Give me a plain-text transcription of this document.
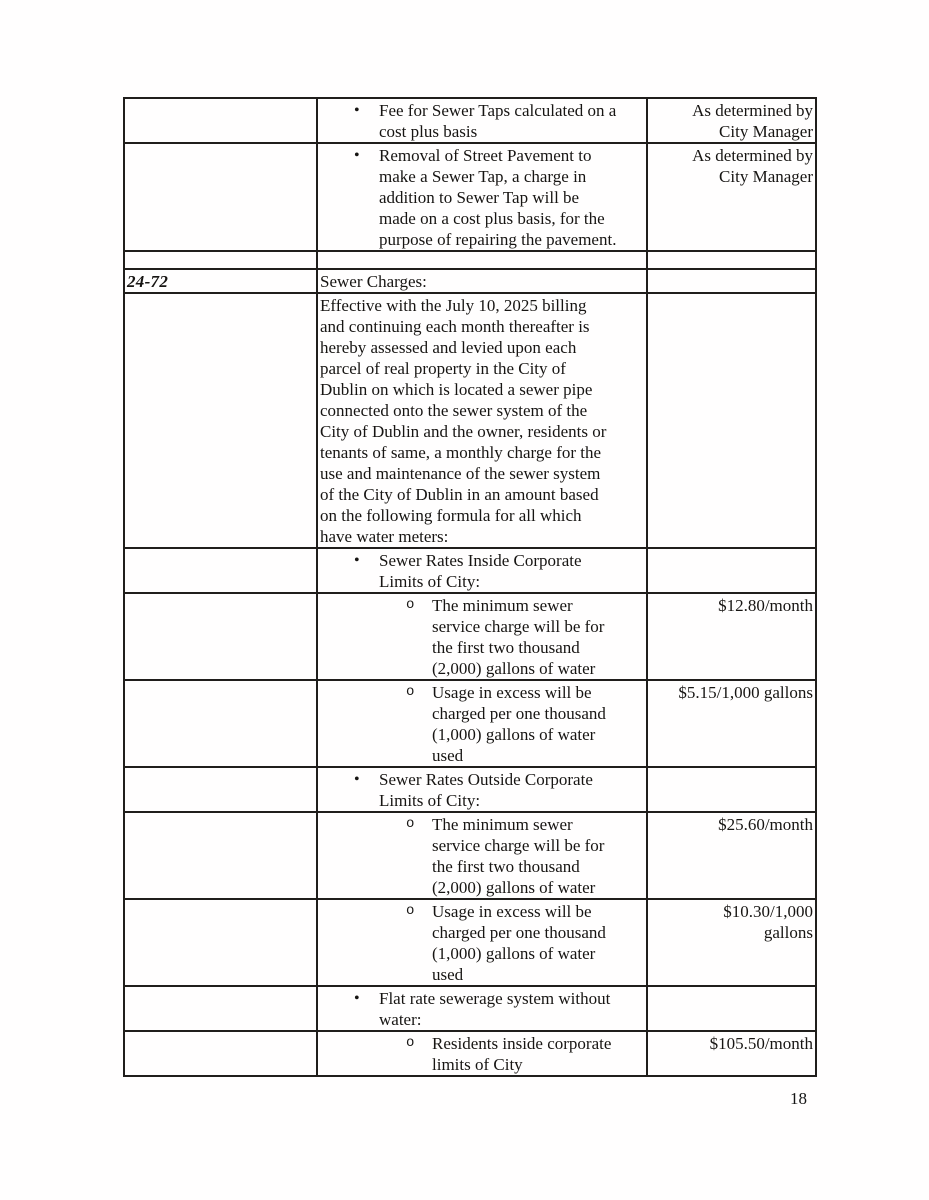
	• Fee for Sewer Taps calculated on a
cost plus basis	As determined by
City Manager

•	Removal of Street Pavement to
make a Sewer Tap, a charge in
addition to Sewer Tap will be
made on a cost plus basis, for the
purpose of repairing the pavement.
	As determined by
City Manager

24-72	Sewer Charges:	

Effective with the July 10, 2025 billing
and continuing each month thereafter is
hereby assessed and levied upon each
parcel of real property in the City of
Dublin on which is located a sewer pipe
connected onto the sewer system of the
City of Dublin and the owner, residents or
tenants of same, a monthly charge for the
use and maintenance of the sewer system
of the City of Dublin in an amount based
on the following formula for all which
have water meters:

	• Sewer Rates Inside Corporate
Limits of City:	

	o The minimum sewer
service charge will be for
the first two thousand
(2,000) gallons of water	$12.80/month

	o Usage in excess will be
charged per one thousand
(1,000) gallons of water
used	$5.15/1,000 gallons

	• Sewer Rates Outside Corporate
Limits of City:	

	o The minimum sewer
service charge will be for
the first two thousand
(2,000) gallons of water	$25.60/month

	o Usage in excess will be
charged per one thousand
(1,000) gallons of water
used	$10.30/1,000
gallons

	• Flat rate sewerage system without
water:	

	o Residents inside corporate
limits of City	$105.50/month
18
